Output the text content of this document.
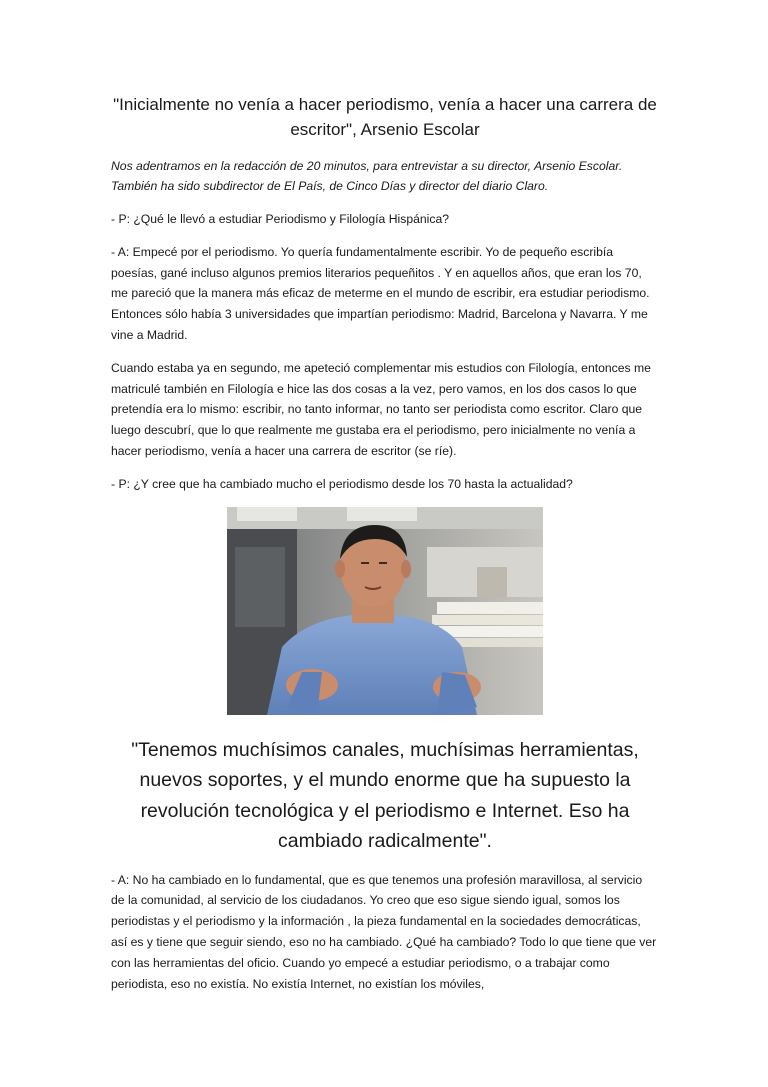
"Inicialmente no venía a hacer periodismo, venía a hacer una carrera de escritor", Arsenio Escolar

Nos adentramos en la redacción de 20 minutos, para entrevistar a su director, Arsenio Escolar. También ha sido subdirector de El País, de Cinco Días y director del diario Claro.

- P: ¿Qué le llevó a estudiar Periodismo y Filología Hispánica?

- A: Empecé por el periodismo. Yo quería fundamentalmente escribir. Yo de pequeño escribía poesías, gané incluso algunos premios literarios pequeñitos . Y en aquellos años, que eran los 70, me pareció que la manera más eficaz de meterme en el mundo de escribir, era estudiar periodismo. Entonces sólo había 3 universidades que impartían periodismo: Madrid, Barcelona y Navarra. Y me vine a Madrid.

Cuando estaba ya en segundo, me apeteció complementar mis estudios con Filología, entonces me matriculé también en Filología e hice las dos cosas a la vez, pero vamos, en los dos casos lo que pretendía era lo mismo: escribir, no tanto informar, no tanto ser periodista como escritor. Claro que luego descubrí, que lo que realmente me gustaba era el periodismo, pero inicialmente no venía a hacer periodismo, venía a hacer una carrera de escritor (se ríe).

- P: ¿Y cree que ha cambiado mucho el periodismo desde los 70 hasta la actualidad?

"Tenemos muchísimos canales, muchísimas herramientas, nuevos soportes, y el mundo enorme que ha supuesto la revolución tecnológica y el periodismo e Internet. Eso ha cambiado radicalmente".

- A: No ha cambiado en lo fundamental, que es que tenemos una profesión maravillosa, al servicio de la comunidad, al servicio de los ciudadanos. Yo creo que eso sigue siendo igual, somos los periodistas y el periodismo y la información , la pieza fundamental en la sociedades democráticas, así es y tiene que seguir siendo, eso no ha cambiado. ¿Qué ha cambiado? Todo lo que tiene que ver con las herramientas del oficio. Cuando yo empecé a estudiar periodismo, o a trabajar como periodista, eso no existía. No existía Internet, no existían los móviles,
